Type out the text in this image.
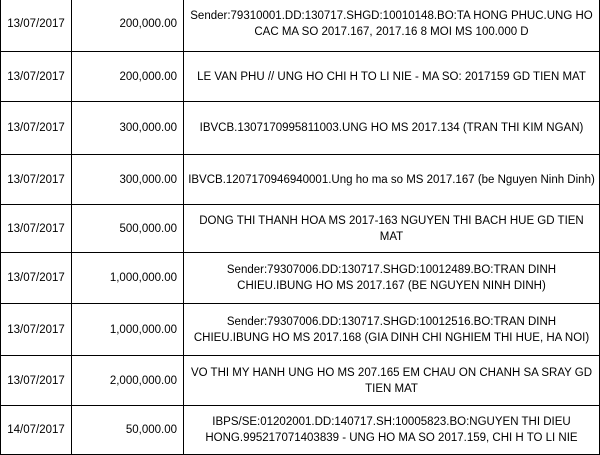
13/07/2017	200,000.00	Sender:79310001.DD:130717.SHGD:10010148.BO:TA HONG PHUC.UNG HO CAC MA SO 2017.167, 2017.16 8 MOI MS 100.000 D
13/07/2017	200,000.00	LE VAN PHU // UNG HO CHI H TO LI NIE - MA SO: 2017159 GD TIEN MAT
13/07/2017	300,000.00	IBVCB.1307170995811003.UNG HO MS 2017.134 (TRAN THI KIM NGAN)
13/07/2017	300,000.00	IBVCB.1207170946940001.Ung ho ma so MS 2017.167 (be Nguyen Ninh Dinh)
13/07/2017	500,000.00	DONG THI THANH HOA MS 2017-163 NGUYEN THI BACH HUE GD TIEN MAT
13/07/2017	1,000,000.00	Sender:79307006.DD:130717.SHGD:10012489.BO:TRAN DINH CHIEU.IBUNG HO MS 2017.167 (BE NGUYEN NINH DINH)
13/07/2017	1,000,000.00	Sender:79307006.DD:130717.SHGD:10012516.BO:TRAN DINH CHIEU.IBUNG HO MS 2017.168 (GIA DINH CHI NGHIEM THI HUE, HA NOI)
13/07/2017	2,000,000.00	VO THI MY HANH UNG HO MS 207.165 EM CHAU ON CHANH SA SRAY GD TIEN MAT
14/07/2017	50,000.00	IBPS/SE:01202001.DD:140717.SH:10005823.BO:NGUYEN THI DIEU HONG.995217071403839 - UNG HO MA SO 2017.159, CHI H TO LI NIE
